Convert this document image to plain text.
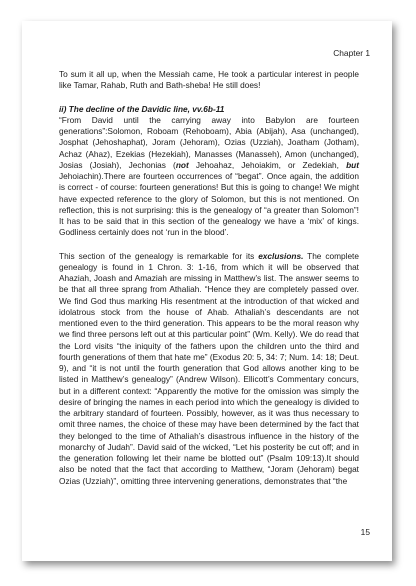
Chapter 1

To sum it all up, when the Messiah came, He took a particular interest in people like Tamar, Rahab, Ruth and Bath-sheba! He still does!

ii) The decline of the Davidic line, vv.6b-11

“From David until the carrying away into Babylon are fourteen generations”:Solomon, Roboam (Rehoboam), Abia (Abijah), Asa (unchanged), Josphat (Jehoshaphat), Joram (Jehoram), Ozias (Uzziah), Joatham (Jotham), Achaz (Ahaz), Ezekias (Hezekiah), Manasses (Manasseh), Amon (unchanged), Josias (Josiah), Jechonias (not Jehoahaz, Jehoiakim, or Zedekiah, but Jehoiachin).There are fourteen occurrences of “begat”. Once again, the addition is correct - of course: fourteen generations! But this is going to change! We might have expected reference to the glory of Solomon, but this is not mentioned. On reflection, this is not surprising: this is the genealogy of “a greater than Solomon”! It has to be said that in this section of the genealogy we have a ‘mix’ of kings. Godliness certainly does not ‘run in the blood’.

This section of the genealogy is remarkable for its exclusions. The complete genealogy is found in 1 Chron. 3: 1-16, from which it will be observed that Ahaziah, Joash and Amaziah are missing in Matthew’s list. The answer seems to be that all three sprang from Athaliah. “Hence they are completely passed over. We find God thus marking His resentment at the introduction of that wicked and idolatrous stock from the house of Ahab. Athaliah’s descendants are not mentioned even to the third generation. This appears to be the moral reason why we find three persons left out at this particular point” (Wm. Kelly). We do read that the Lord visits “the iniquity of the fathers upon the children unto the third and fourth generations of them that hate me” (Exodus 20: 5, 34: 7; Num. 14: 18; Deut. 9), and “it is not until the fourth generation that God allows another king to be listed in Matthew’s genealogy” (Andrew Wilson). Ellicott’s Commentary concurs, but in a different context: “Apparently the motive for the omission was simply the desire of bringing the names in each period into which the genealogy is divided to the arbitrary standard of fourteen. Possibly, however, as it was thus necessary to omit three names, the choice of these may have been determined by the fact that they belonged to the time of Athaliah’s disastrous influence in the history of the monarchy of Judah”. David said of the wicked, “Let his posterity be cut off; and in the generation following let their name be blotted out” (Psalm 109:13).It should also be noted that the fact that according to Matthew, “Joram (Jehoram) begat Ozias (Uzziah)”, omitting three intervening generations, demonstrates that “the

15
